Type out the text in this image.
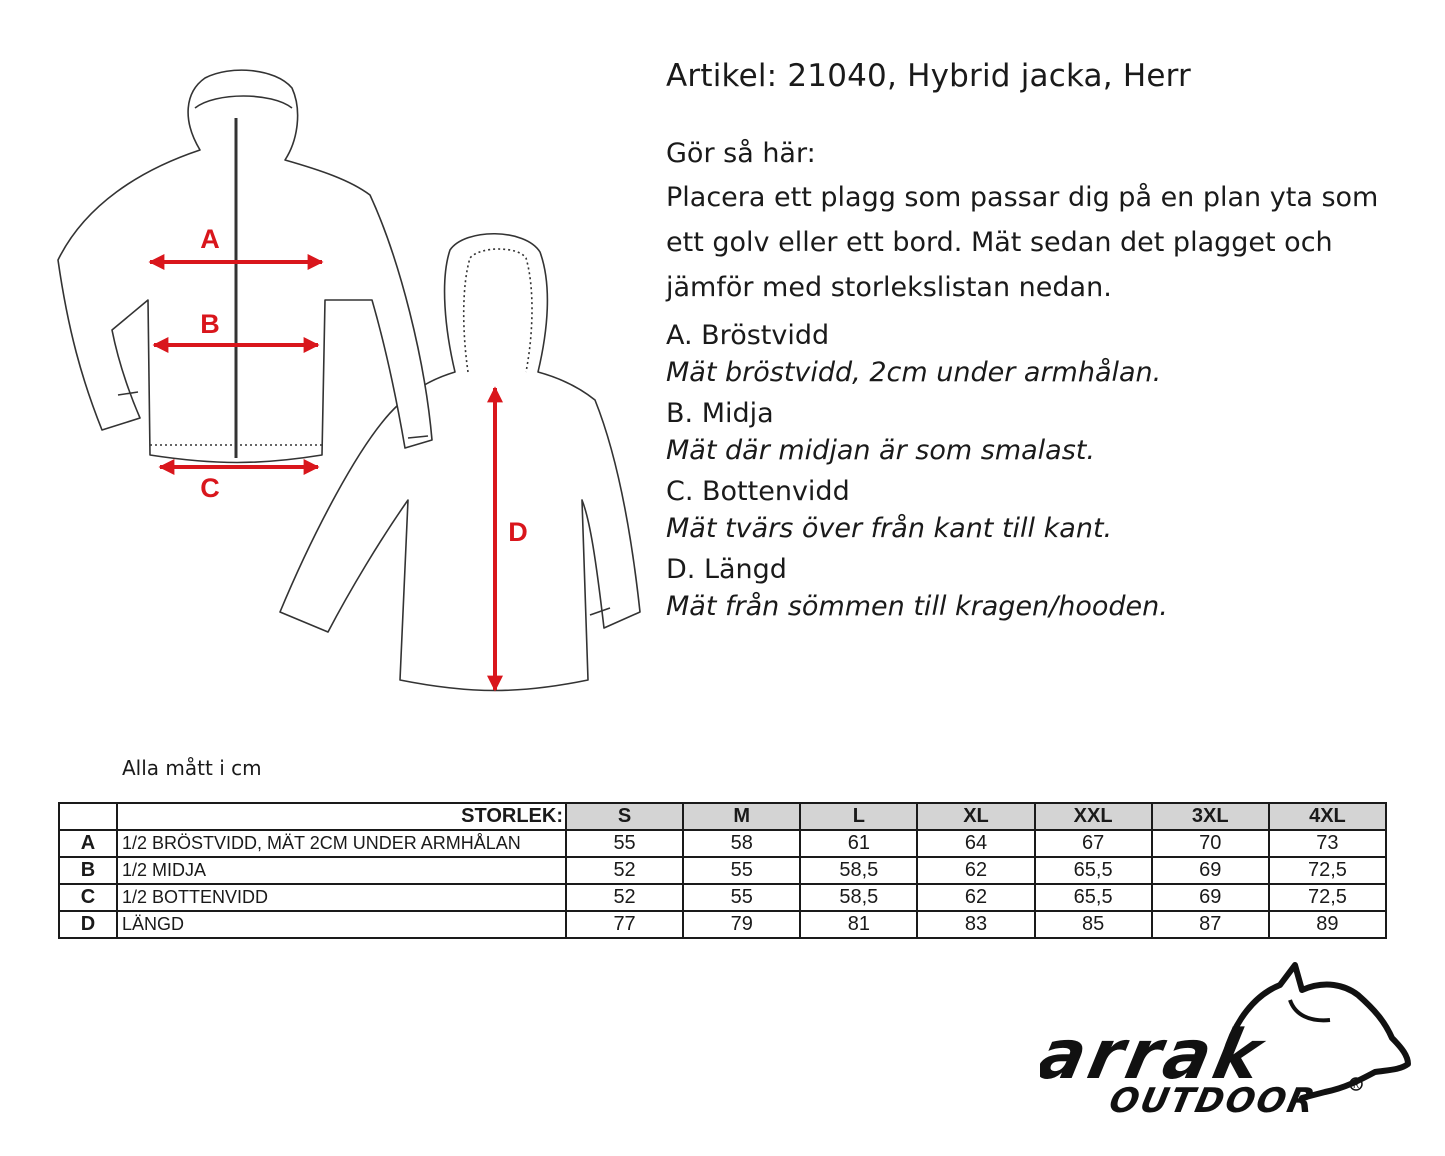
A
B
C
D
Artikel: 21040, Hybrid jacka, Herr
Gör så här:
Placera ett plagg som passar dig på en plan yta som ett golv eller ett bord. Mät sedan det plagget och jämför med storlekslistan nedan.
A. Bröstvidd
Mät bröstvidd, 2cm under armhålan.
B. Midja
Mät där midjan är som smalast.
C. Bottenvidd
Mät tvärs över från kant till kant.
D. Längd
Mät från sömmen till kragen/hooden.
Alla mått i cm
	STORLEK:	S	M	L	XL	XXL	3XL	4XL
A	1/2 BRÖSTVIDD, MÄT 2CM UNDER ARMHÅLAN	55	58	61	64	67	70	73
B	1/2 MIDJA	52	55	58,5	62	65,5	69	72,5
C	1/2 BOTTENVIDD	52	55	58,5	62	65,5	69	72,5
D	LÄNGD	77	79	81	83	85	87	89
arrak
OUTDOOR	R
